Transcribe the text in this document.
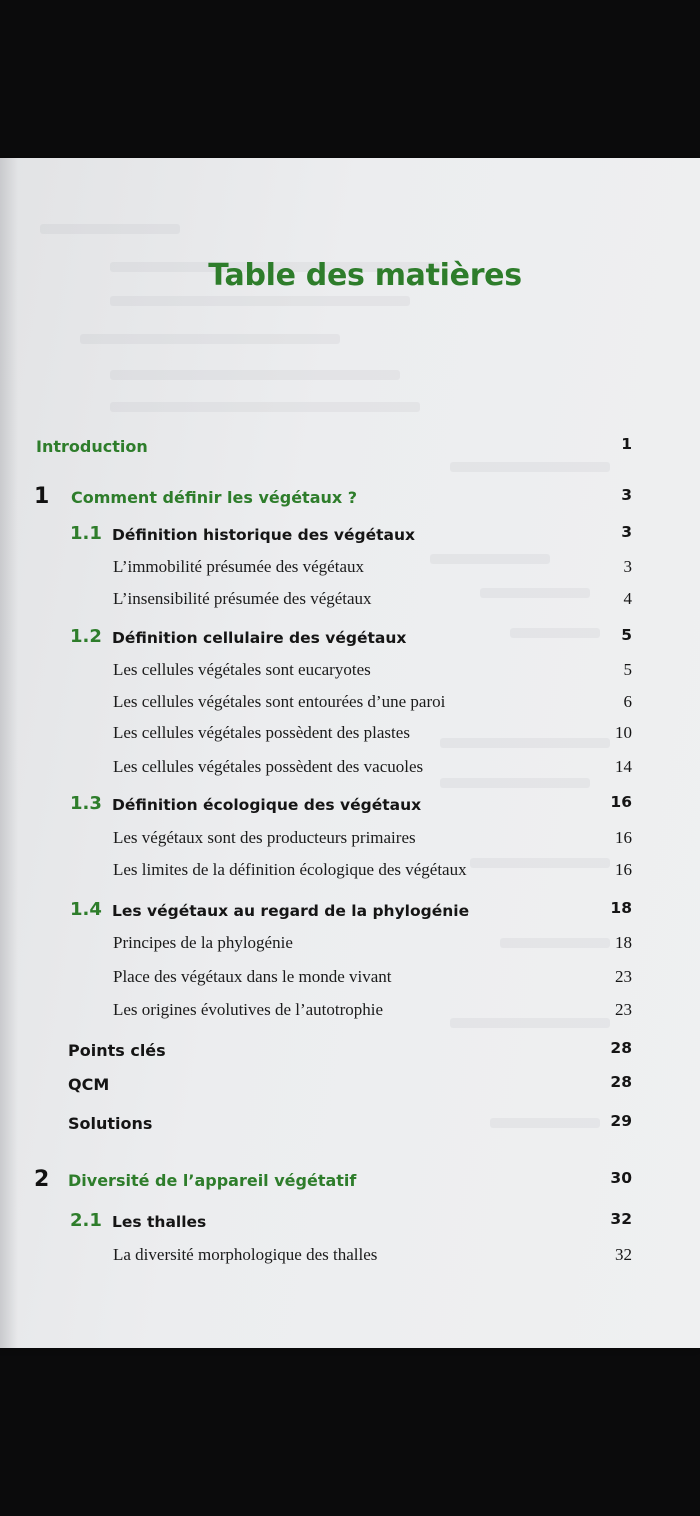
Table des matières
Introduction	1
1 Comment définir les végétaux ?	3
1.1 Définition historique des végétaux	3
L’immobilité présumée des végétaux	3
L’insensibilité présumée des végétaux	4
1.2 Définition cellulaire des végétaux	5
Les cellules végétales sont eucaryotes	5
Les cellules végétales sont entourées d’une paroi	6
Les cellules végétales possèdent des plastes	10
Les cellules végétales possèdent des vacuoles	14
1.3 Définition écologique des végétaux	16
Les végétaux sont des producteurs primaires	16
Les limites de la définition écologique des végétaux	16
1.4 Les végétaux au regard de la phylogénie	18
Principes de la phylogénie	18
Place des végétaux dans le monde vivant	23
Les origines évolutives de l’autotrophie	23
Points clés	28
QCM	28
Solutions	29
2 Diversité de l’appareil végétatif	30
2.1 Les thalles	32
La diversité morphologique des thalles	32
